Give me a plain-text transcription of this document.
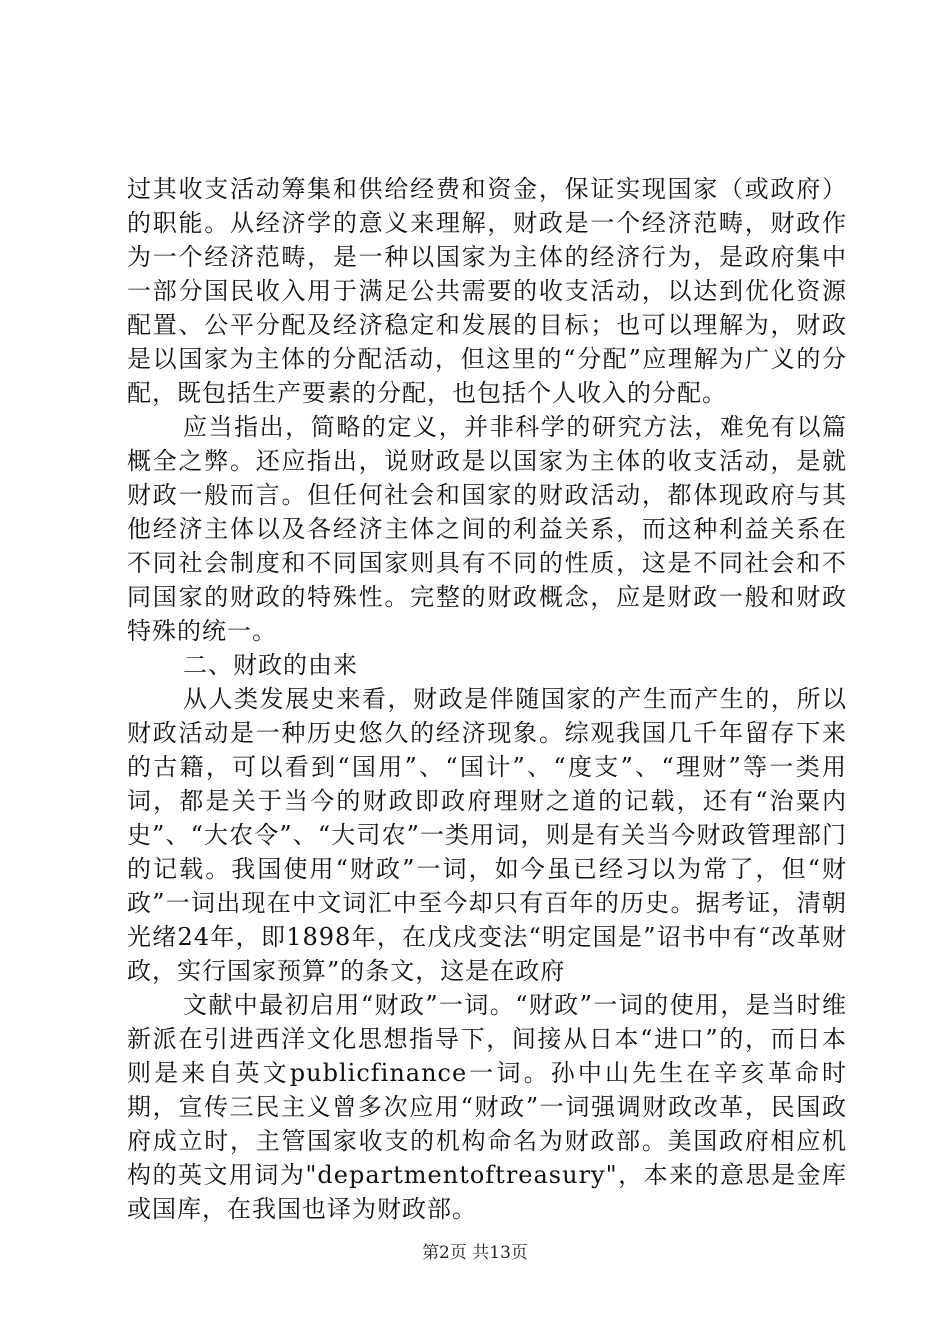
过其收支活动筹集和供给经费和资金，保证实现国家（或政府）的职能。从经济学的意义来理解，财政是一个经济范畴，财政作为一个经济范畴，是一种以国家为主体的经济行为，是政府集中一部分国民收入用于满足公共需要的收支活动，以达到优化资源配置、公平分配及经济稳定和发展的目标；也可以理解为，财政是以国家为主体的分配活动，但这里的“分配”应理解为广义的分配，既包括生产要素的分配，也包括个人收入的分配。

应当指出，简略的定义，并非科学的研究方法，难免有以篇概全之弊。还应指出，说财政是以国家为主体的收支活动，是就财政一般而言。但任何社会和国家的财政活动，都体现政府与其他经济主体以及各经济主体之间的利益关系，而这种利益关系在不同社会制度和不同国家则具有不同的性质，这是不同社会和不同国家的财政的特殊性。完整的财政概念，应是财政一般和财政特殊的统一。

二、财政的由来

从人类发展史来看，财政是伴随国家的产生而产生的，所以财政活动是一种历史悠久的经济现象。综观我国几千年留存下来的古籍，可以看到“国用”、“国计”、“度支”、“理财”等一类用词，都是关于当今的财政即政府理财之道的记载，还有“治粟内史”、“大农令”、“大司农”一类用词，则是有关当今财政管理部门的记载。我国使用“财政”一词，如今虽已经习以为常了，但“财政”一词出现在中文词汇中至今却只有百年的历史。据考证，清朝光绪24年，即1898年，在戊戌变法“明定国是”诏书中有“改革财政，实行国家预算”的条文，这是在政府

文献中最初启用“财政”一词。“财政”一词的使用，是当时维新派在引进西洋文化思想指导下，间接从日本“进口”的，而日本则是来自英文publicfinance一词。孙中山先生在辛亥革命时期，宣传三民主义曾多次应用“财政”一词强调财政改革，民国政府成立时，主管国家收支的机构命名为财政部。美国政府相应机构的英文用词为"departmentoftreasury"，本来的意思是金库或国库，在我国也译为财政部。

第2页 共13页
